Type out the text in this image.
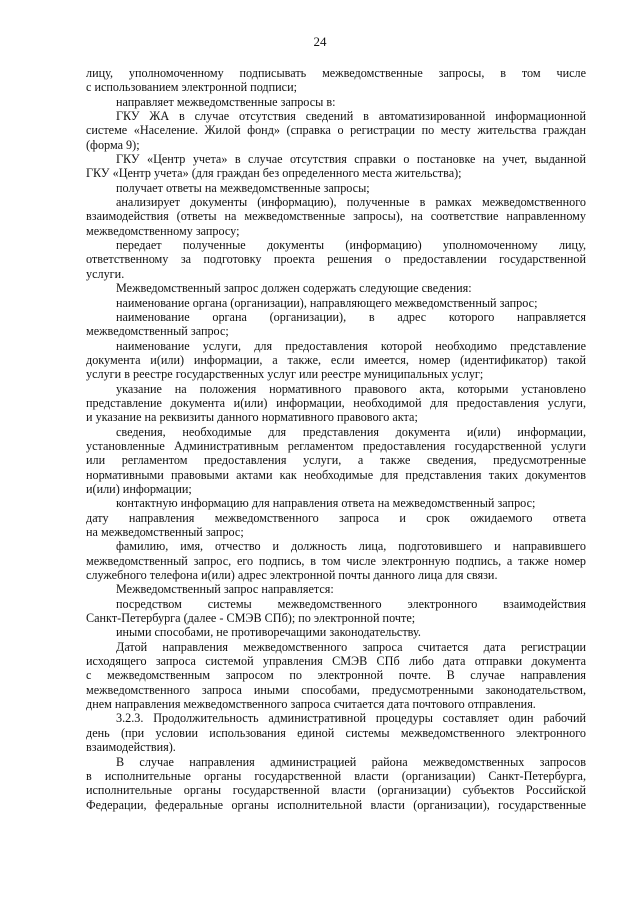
24
лицу, уполномоченному подписывать межведомственные запросы, в том числе
с использованием электронной подписи;
направляет межведомственные запросы в:
ГКУ ЖА в случае отсутствия сведений в автоматизированной информационной
системе «Население. Жилой фонд» (справка о регистрации по месту жительства граждан
(форма 9);
ГКУ «Центр учета» в случае отсутствия справки о постановке на учет, выданной
ГКУ «Центр учета» (для граждан без определенного места жительства);
получает ответы на межведомственные запросы;
анализирует документы (информацию), полученные в рамках межведомственного
взаимодействия (ответы на межведомственные запросы), на соответствие направленному
межведомственному запросу;
передает полученные документы (информацию) уполномоченному лицу,
ответственному за подготовку проекта решения о предоставлении государственной
услуги.
Межведомственный запрос должен содержать следующие сведения:
наименование органа (организации), направляющего межведомственный запрос;
наименование органа (организации), в адрес которого направляется
межведомственный запрос;
наименование услуги, для предоставления которой необходимо представление
документа и(или) информации, а также, если имеется, номер (идентификатор) такой
услуги в реестре государственных услуг или реестре муниципальных услуг;
указание на положения нормативного правового акта, которыми установлено
представление документа и(или) информации, необходимой для предоставления услуги,
и указание на реквизиты данного нормативного правового акта;
сведения, необходимые для представления документа и(или) информации,
установленные Административным регламентом предоставления государственной услуги
или регламентом предоставления услуги, а также сведения, предусмотренные
нормативными правовыми актами как необходимые для представления таких документов
и(или) информации;
контактную информацию для направления ответа на межведомственный запрос;
дату направления межведомственного запроса и срок ожидаемого ответа
на межведомственный запрос;
фамилию, имя, отчество и должность лица, подготовившего и направившего
межведомственный запрос, его подпись, в том числе электронную подпись, а также номер
служебного телефона и(или) адрес электронной почты данного лица для связи.
Межведомственный запрос направляется:
посредством системы межведомственного электронного взаимодействия
Санкт-Петербурга (далее - СМЭВ СПб); по электронной почте;
иными способами, не противоречащими законодательству.
Датой направления межведомственного запроса считается дата регистрации
исходящего запроса системой управления СМЭВ СПб либо дата отправки документа
с межведомственным запросом по электронной почте. В случае направления
межведомственного запроса иными способами, предусмотренными законодательством,
днем направления межведомственного запроса считается дата почтового отправления.
3.2.3. Продолжительность административной процедуры составляет один рабочий
день (при условии использования единой системы межведомственного электронного
взаимодействия).
В случае направления администрацией района межведомственных запросов
в исполнительные органы государственной власти (организации) Санкт-Петербурга,
исполнительные органы государственной власти (организации) субъектов Российской
Федерации, федеральные органы исполнительной власти (организации), государственные
